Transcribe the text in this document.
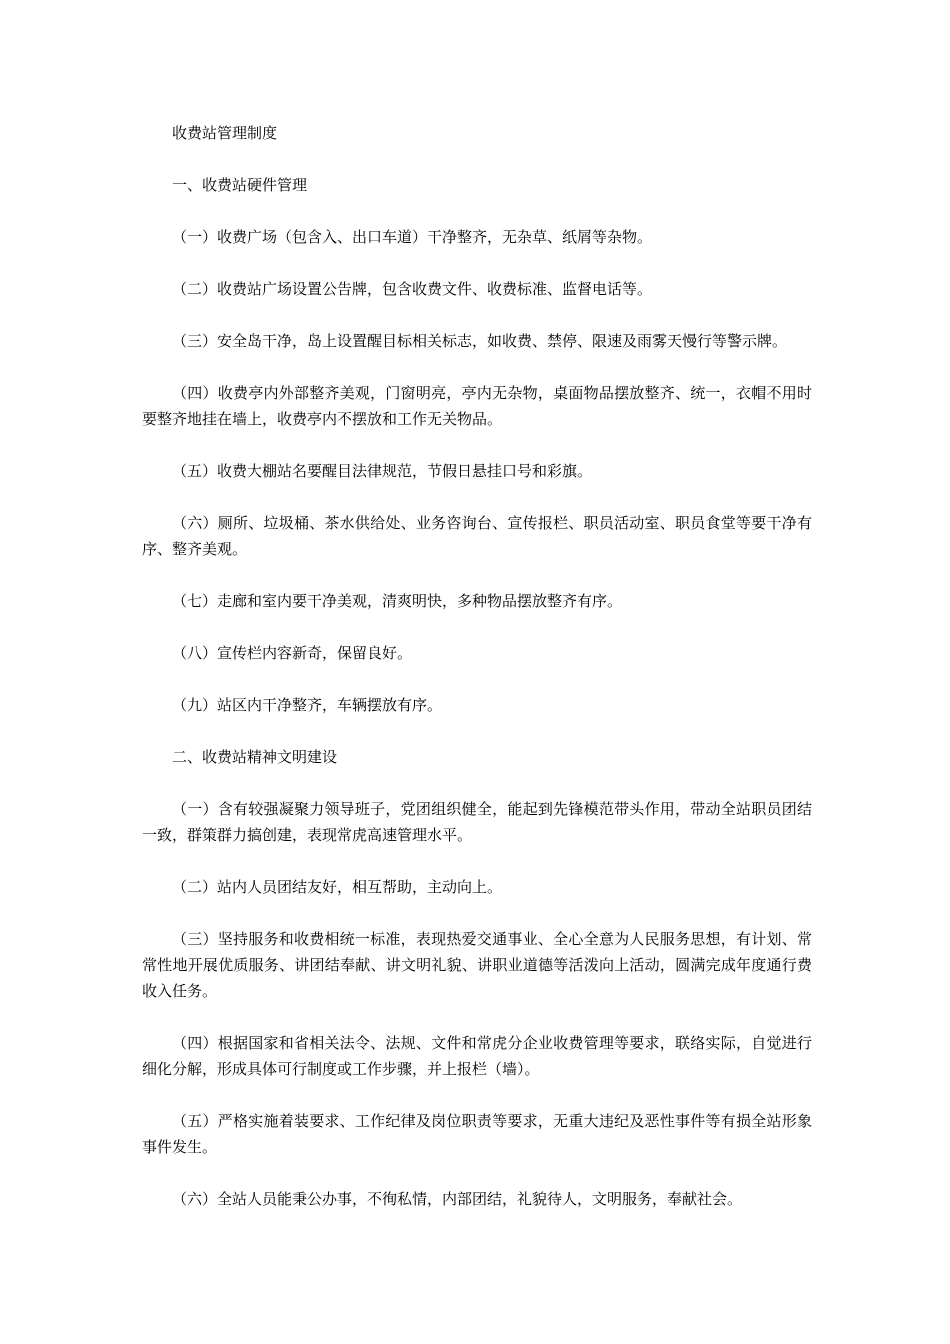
收费站管理制度

一、收费站硬件管理

（一）收费广场（包含入、出口车道）干净整齐，无杂草、纸屑等杂物。

（二）收费站广场设置公告牌，包含收费文件、收费标准、监督电话等。

（三）安全岛干净，岛上设置醒目标相关标志，如收费、禁停、限速及雨雾天慢行等警示牌。

（四）收费亭内外部整齐美观，门窗明亮，亭内无杂物，桌面物品摆放整齐、统一，衣帽不用时要整齐地挂在墙上，收费亭内不摆放和工作无关物品。

（五）收费大棚站名要醒目法律规范，节假日悬挂口号和彩旗。

（六）厕所、垃圾桶、茶水供给处、业务咨询台、宣传报栏、职员活动室、职员食堂等要干净有序、整齐美观。

（七）走廊和室内要干净美观，清爽明快，多种物品摆放整齐有序。

（八）宣传栏内容新奇，保留良好。

（九）站区内干净整齐，车辆摆放有序。

二、收费站精神文明建设

（一）含有较强凝聚力领导班子，党团组织健全，能起到先锋模范带头作用，带动全站职员团结一致，群策群力搞创建，表现常虎高速管理水平。

（二）站内人员团结友好，相互帮助，主动向上。

（三）坚持服务和收费相统一标准，表现热爱交通事业、全心全意为人民服务思想，有计划、常常性地开展优质服务、讲团结奉献、讲文明礼貌、讲职业道德等活泼向上活动，圆满完成年度通行费收入任务。

（四）根据国家和省相关法令、法规、文件和常虎分企业收费管理等要求，联络实际，自觉进行细化分解，形成具体可行制度或工作步骤，并上报栏（墙）。

（五）严格实施着装要求、工作纪律及岗位职责等要求，无重大违纪及恶性事件等有损全站形象事件发生。

（六）全站人员能秉公办事，不徇私情，内部团结，礼貌待人，文明服务，奉献社会。
